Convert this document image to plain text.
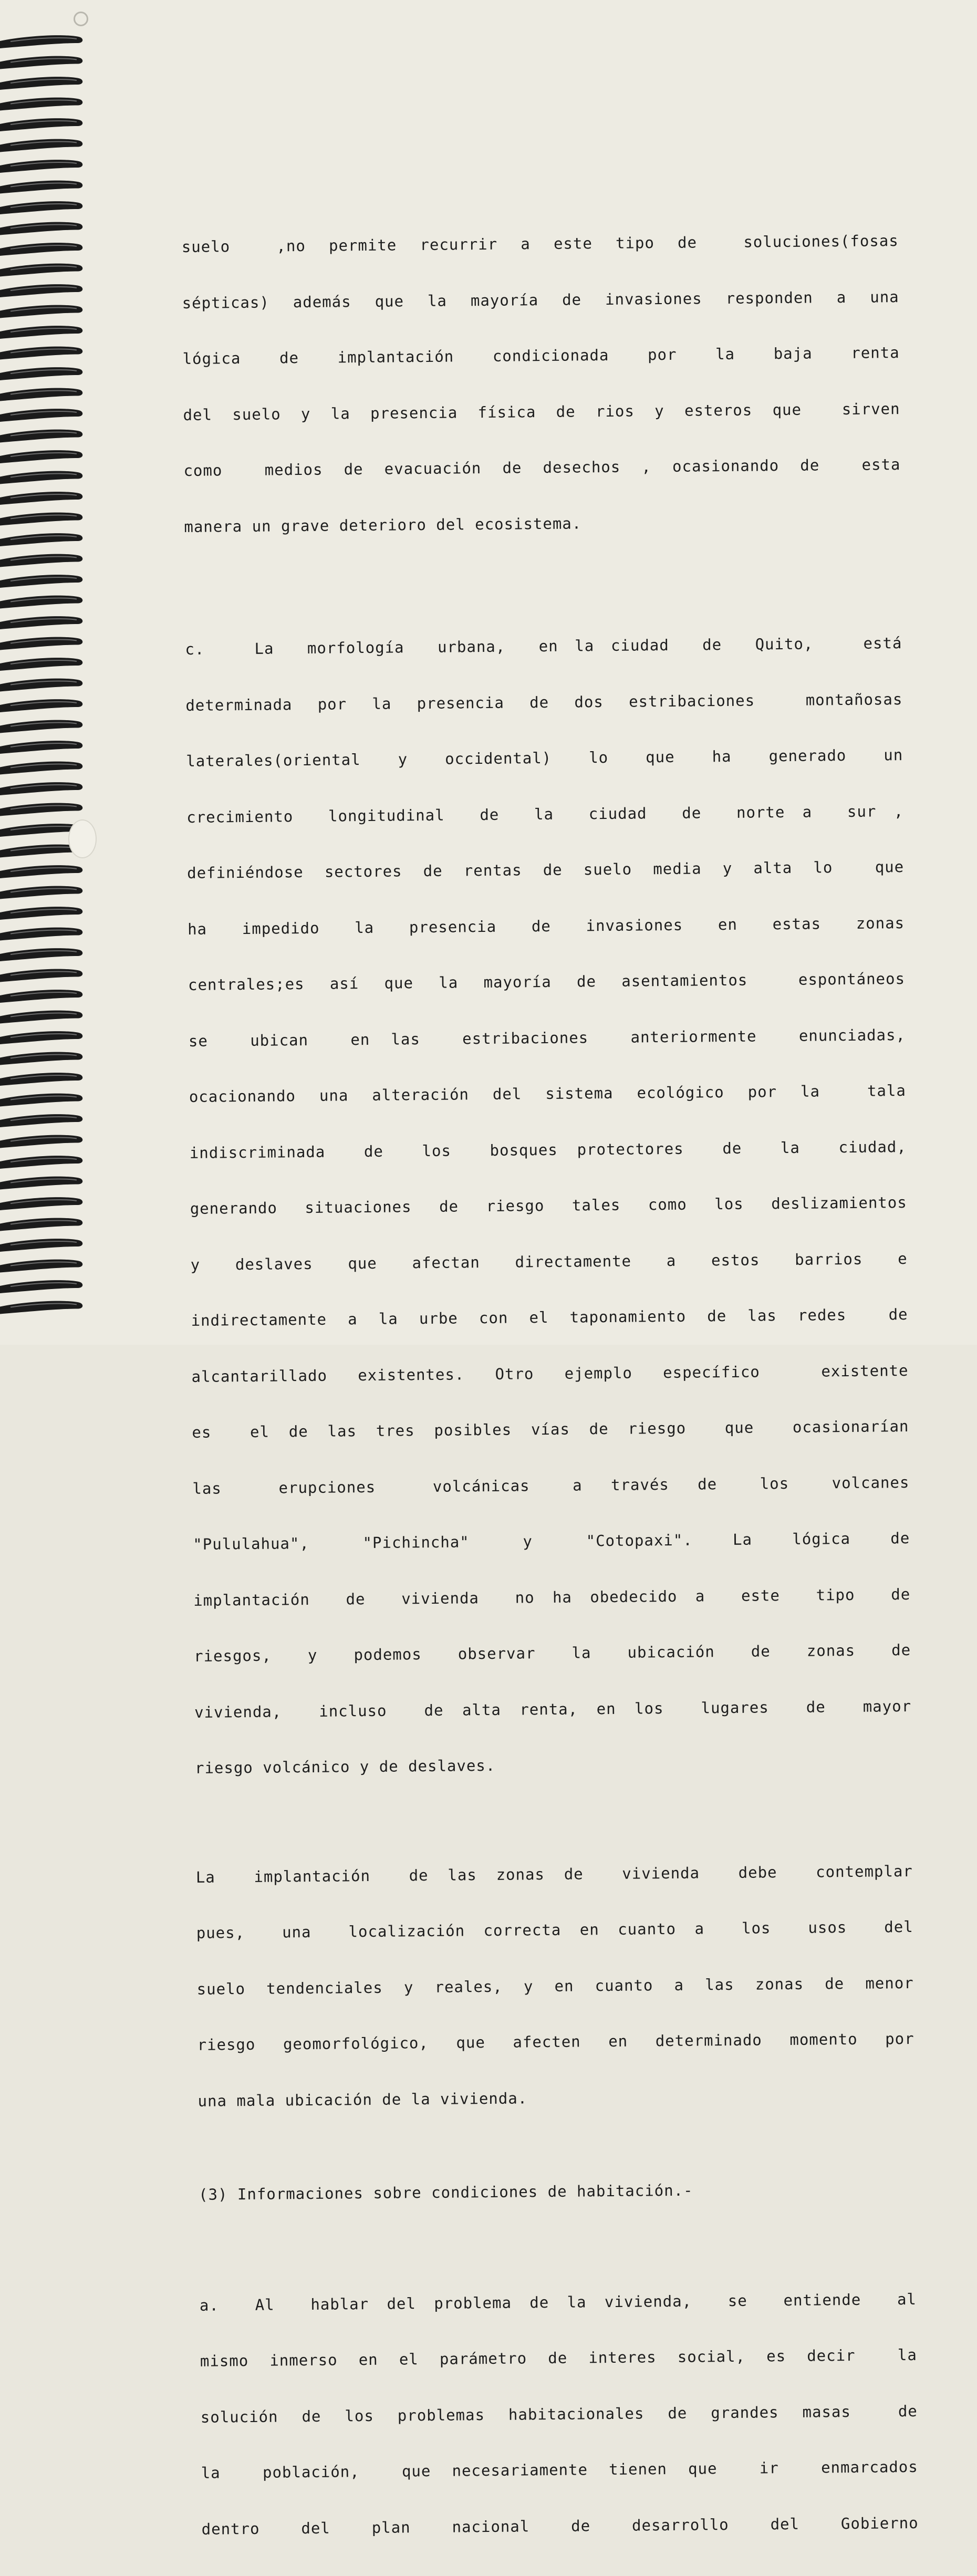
suelo  ,no permite recurrir a este tipo de  soluciones(fosas

sépticas) además que la mayoría de invasiones responden a una

lógica  de  implantación  condicionada  por  la  baja  renta

del suelo y la presencia física de rios y esteros que  sirven

como  medios de evacuación de desechos , ocasionando de  esta

manera un grave deterioro del ecosistema.

c.   La  morfología  urbana,  en la ciudad  de  Quito,   está

determinada por la presencia de dos estribaciones  montañosas

laterales(oriental  y  occidental)  lo  que  ha  generado  un

crecimiento  longitudinal  de  la  ciudad  de  norte a  sur ,

definiéndose sectores de rentas de suelo media y alta lo  que

ha  impedido  la  presencia  de  invasiones  en  estas  zonas

centrales;es así que la mayoría de asentamientos  espontáneos

se  ubican  en las  estribaciones  anteriormente  enunciadas,

ocacionando una alteración del sistema ecológico por la  tala

indiscriminada  de  los  bosques protectores  de  la  ciudad,

generando situaciones de riesgo tales como los deslizamientos

y  deslaves  que  afectan  directamente  a  estos  barrios  e

indirectamente a la urbe con el taponamiento de las redes  de

alcantarillado existentes. Otro ejemplo específico  existente

es  el de las tres posibles vías de riesgo  que  ocasionarían

las    erupciones    volcánicas   a  través  de   los   volcanes

"Pululahua",    "Pichincha"    y    "Cotopaxi".   La   lógica   de

implantación  de  vivienda  no ha obedecido a  este  tipo  de

riesgos,  y  podemos  observar  la  ubicación  de  zonas  de

vivienda,  incluso  de alta renta, en los  lugares  de  mayor

riesgo volcánico y de deslaves.

La  implantación  de las zonas de  vivienda  debe  contemplar

pues,  una  localización correcta en cuanto a  los  usos  del

suelo tendenciales y reales, y en cuanto a las zonas de menor

riesgo geomorfológico, que afecten en determinado momento por

una mala ubicación de la vivienda.

(3) Informaciones sobre condiciones de habitación.-

a.  Al  hablar del problema de la vivienda,  se  entiende  al

mismo inmerso en el parámetro de interes social, es decir  la

solución de los problemas habitacionales de grandes masas  de

la  población,  que necesariamente tienen que  ir  enmarcados

dentro    del    plan    nacional    de    desarrollo    del    Gobierno
